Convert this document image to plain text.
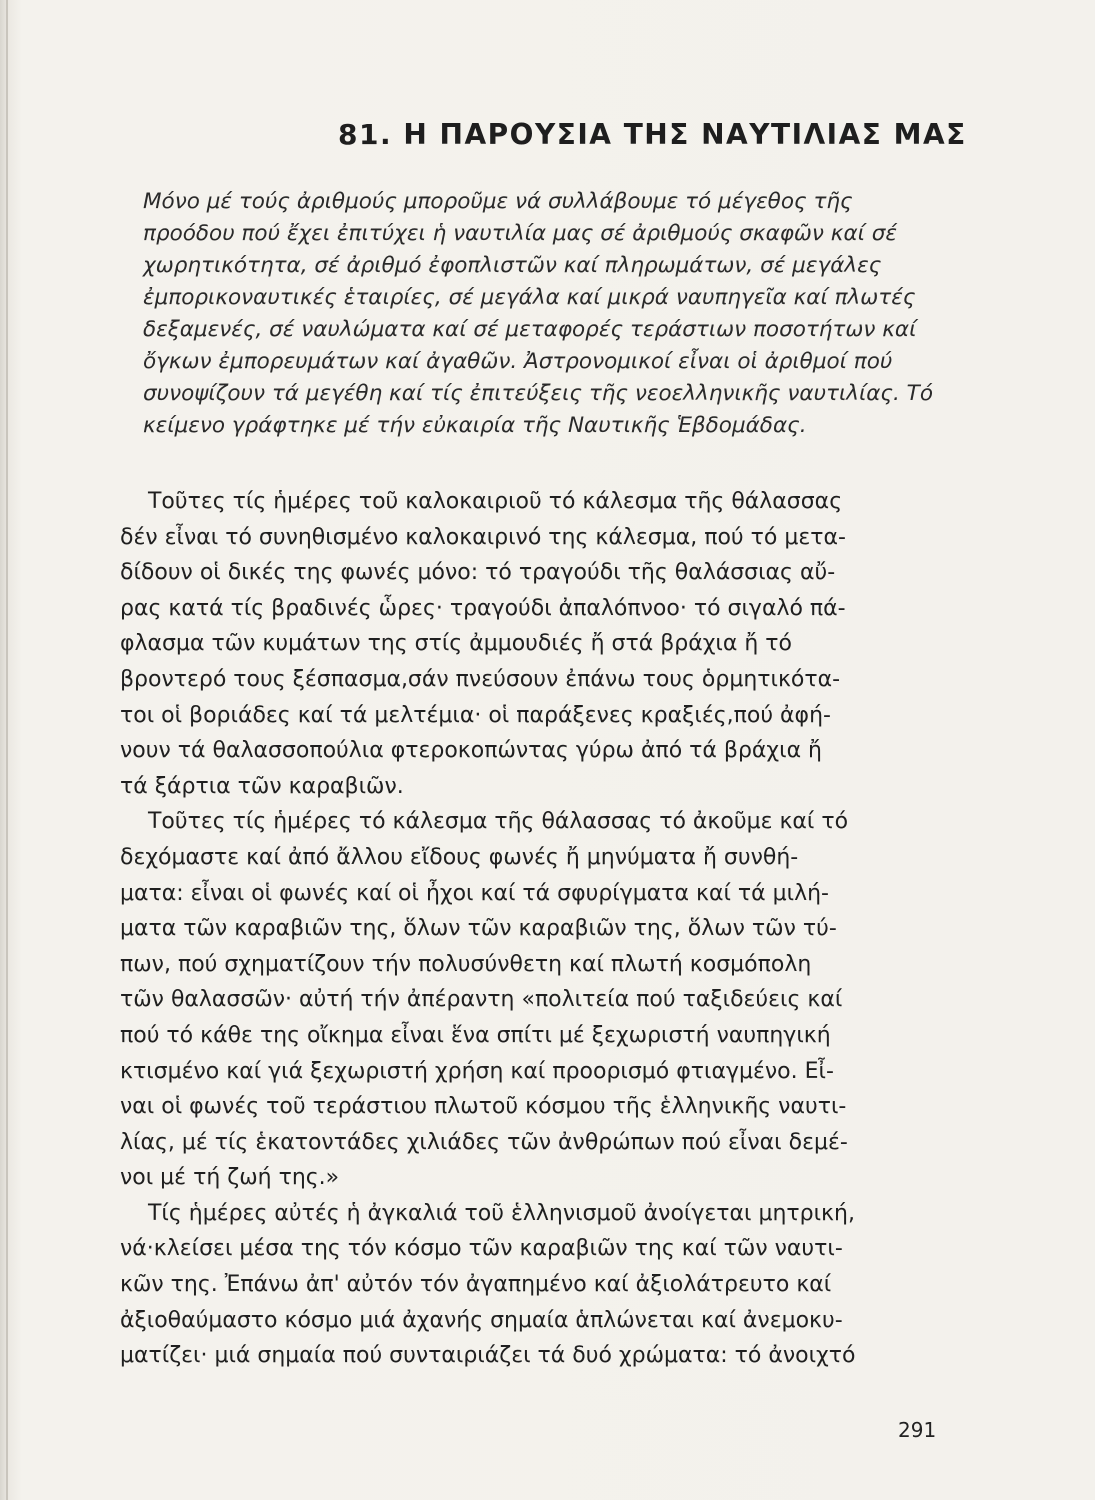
81. Η ΠΑΡΟΥΣΙΑ ΤΗΣ ΝΑΥΤΙΛΙΑΣ ΜΑΣ
Μόνο μέ τούς ἀριθμούς μποροῦμε νά συλλάβουμε τό μέγεθος τῆς
προόδου πού ἔχει ἐπιτύχει ἡ ναυτιλία μας σέ ἀριθμούς σκαφῶν καί σέ
χωρητικότητα, σέ ἀριθμό ἐφοπλιστῶν καί πληρωμάτων, σέ μεγάλες
ἐμπορικοναυτικές ἑταιρίες, σέ μεγάλα καί μικρά ναυπηγεῖα καί πλωτές
δεξαμενές, σέ ναυλώματα καί σέ μεταφορές τεράστιων ποσοτήτων καί
ὄγκων ἐμπορευμάτων καί ἀγαθῶν. Ἀστρονομικοί εἶναι οἱ ἀριθμοί πού
συνοψίζουν τά μεγέθη καί τίς ἐπιτεύξεις τῆς νεοελληνικῆς ναυτιλίας. Τό
κείμενο γράφτηκε μέ τήν εὐκαιρία τῆς Ναυτικῆς Ἑβδομάδας.
Τοῦτες τίς ἡμέρες τοῦ καλοκαιριοῦ τό κάλεσμα τῆς θάλασσας
δέν εἶναι τό συνηθισμένο καλοκαιρινό της κάλεσμα, πού τό μετα-
δίδουν οἱ δικές της φωνές μόνο: τό τραγούδι τῆς θαλάσσιας αὔ-
ρας κατά τίς βραδινές ὧρες· τραγούδι ἀπαλόπνοο· τό σιγαλό πά-
φλασμα τῶν κυμάτων της στίς ἀμμουδιές ἤ στά βράχια ἤ τό
βροντερό τους ξέσπασμα,σάν πνεύσουν ἐπάνω τους ὁρμητικότα-
τοι οἱ βοριάδες καί τά μελτέμια· οἱ παράξενες κραξιές,πού ἀφή-
νουν τά θαλασσοπούλια φτεροκοπώντας γύρω ἀπό τά βράχια ἤ
τά ξάρτια τῶν καραβιῶν.
Τοῦτες τίς ἡμέρες τό κάλεσμα τῆς θάλασσας τό ἀκοῦμε καί τό
δεχόμαστε καί ἀπό ἄλλου εἴδους φωνές ἤ μηνύματα ἤ συνθή-
ματα: εἶναι οἱ φωνές καί οἱ ἦχοι καί τά σφυρίγματα καί τά μιλή-
ματα τῶν καραβιῶν της, ὅλων τῶν καραβιῶν της, ὅλων τῶν τύ-
πων, πού σχηματίζουν τήν πολυσύνθετη καί πλωτή κοσμόπολη
τῶν θαλασσῶν· αὐτή τήν ἀπέραντη «πολιτεία πού ταξιδεύεις καί
πού τό κάθε της οἴκημα εἶναι ἕνα σπίτι μέ ξεχωριστή ναυπηγική
κτισμένο καί γιά ξεχωριστή χρήση καί προορισμό φτιαγμένο. Εἶ-
ναι οἱ φωνές τοῦ τεράστιου πλωτοῦ κόσμου τῆς ἑλληνικῆς ναυτι-
λίας, μέ τίς ἑκατοντάδες χιλιάδες τῶν ἀνθρώπων πού εἶναι δεμέ-
νοι μέ τή ζωή της.»
Τίς ἡμέρες αὐτές ἡ ἀγκαλιά τοῦ ἑλληνισμοῦ ἀνοίγεται μητρική,
νά·κλείσει μέσα της τόν κόσμο τῶν καραβιῶν της καί τῶν ναυτι-
κῶν της. Ἐπάνω ἀπ' αὐτόν τόν ἀγαπημένο καί ἀξιολάτρευτο καί
ἀξιοθαύμαστο κόσμο μιά ἀχανής σημαία ἁπλώνεται καί ἀνεμοκυ-
ματίζει· μιά σημαία πού συνταιριάζει τά δυό χρώματα: τό ἀνοιχτό
291
